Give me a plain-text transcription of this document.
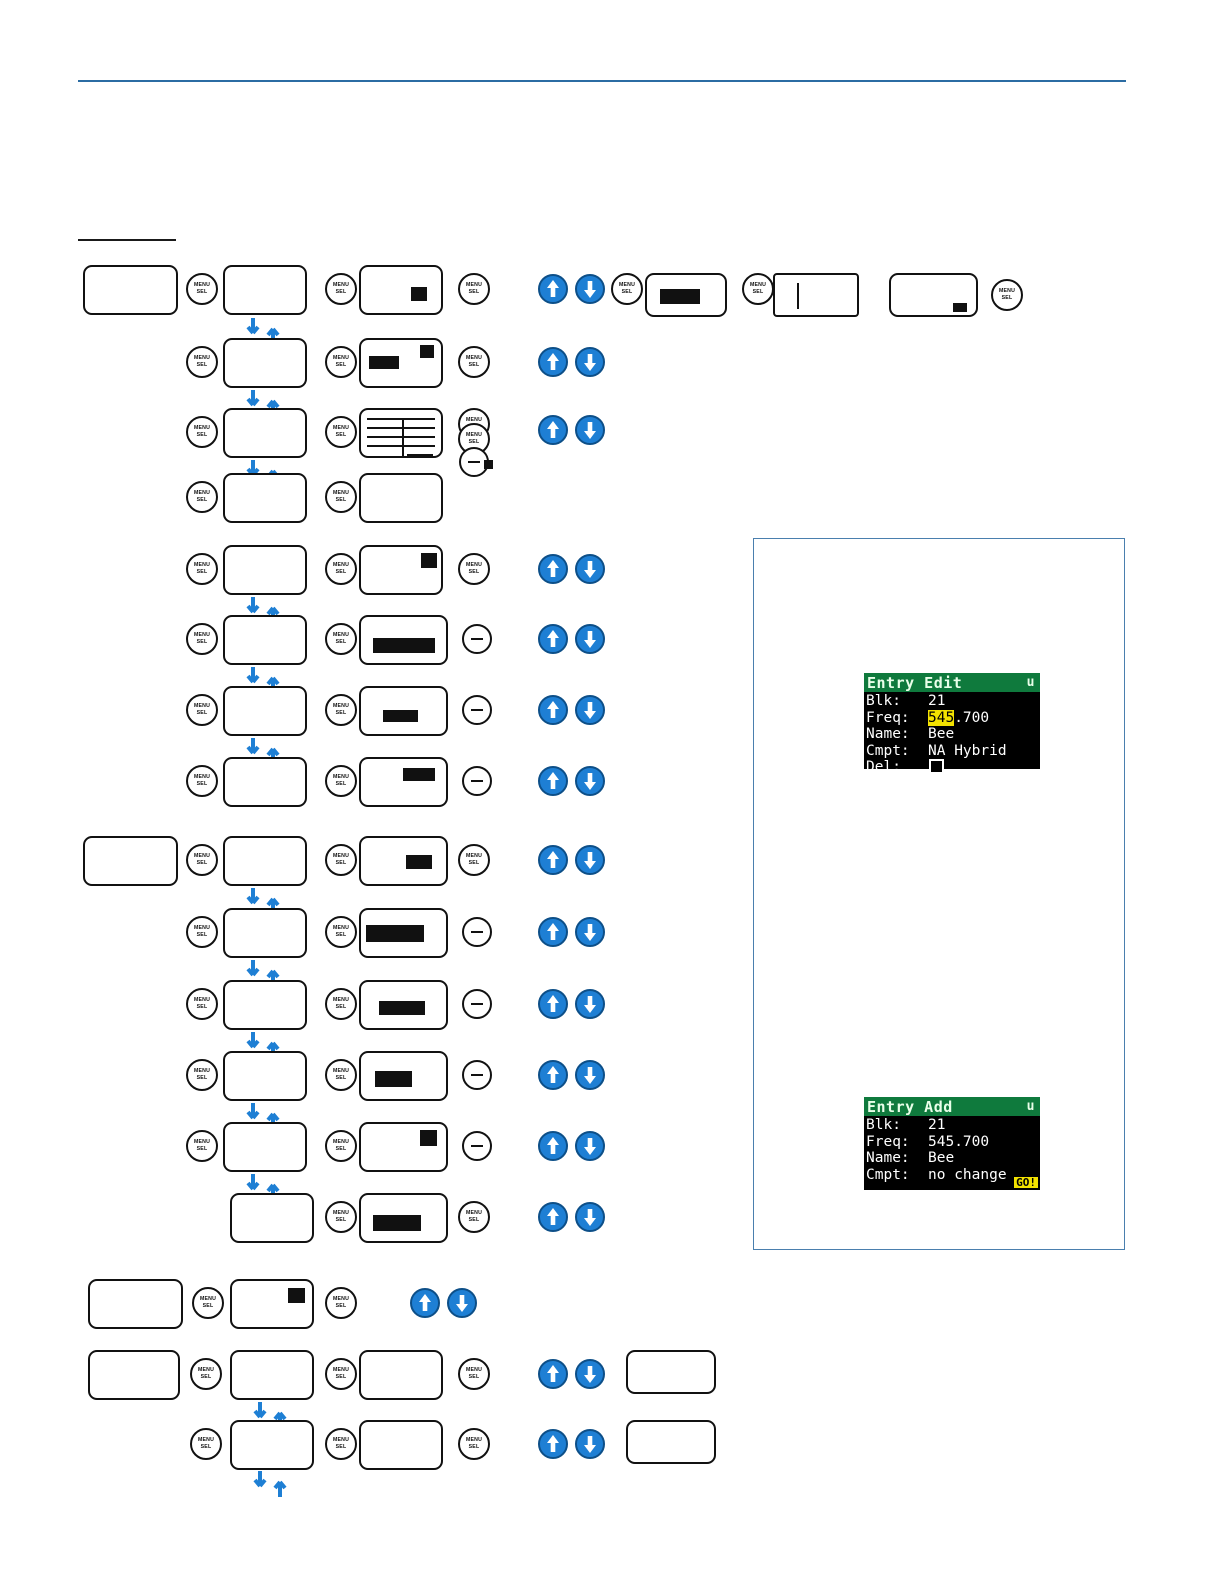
MENU
SEL
MENU
SEL
MENU
SEL
MENU
SEL
MENU
SEL	MENU
SEL
MENU
SEL
MENU
SEL
MENU
SEL
MENU
SEL
MENU
SEL
MENU
MENU
SEL
MENU
SEL
MENU
SEL
MENU
SEL
MENU
SEL
MENU
SEL
MENU
SEL
MENU
SEL
MENU
SEL
MENU
SEL
MENU
SEL
MENU
SEL
MENU
SEL
MENU
SEL
MENU
SEL
MENU
SEL
MENU
SEL
MENU
SEL
MENU
SEL
MENU
SEL
MENU
SEL
MENU
SEL
MENU
SEL
MENU
SEL
MENU
SEL
MENU
SEL
MENU
SEL
MENU
SEL
MENU
SEL
MENU
SEL
MENU
SEL
MENU
SEL
MENU
SEL
Entry Edit	u
Blk:	21
Freq:	545 .700
Name:	Bee
Cmpt:	NA Hybrid
Del:
Entry Add	u
Blk:	21
Freq:	545.700
Name:	Bee
Cmpt:	no change GO!
